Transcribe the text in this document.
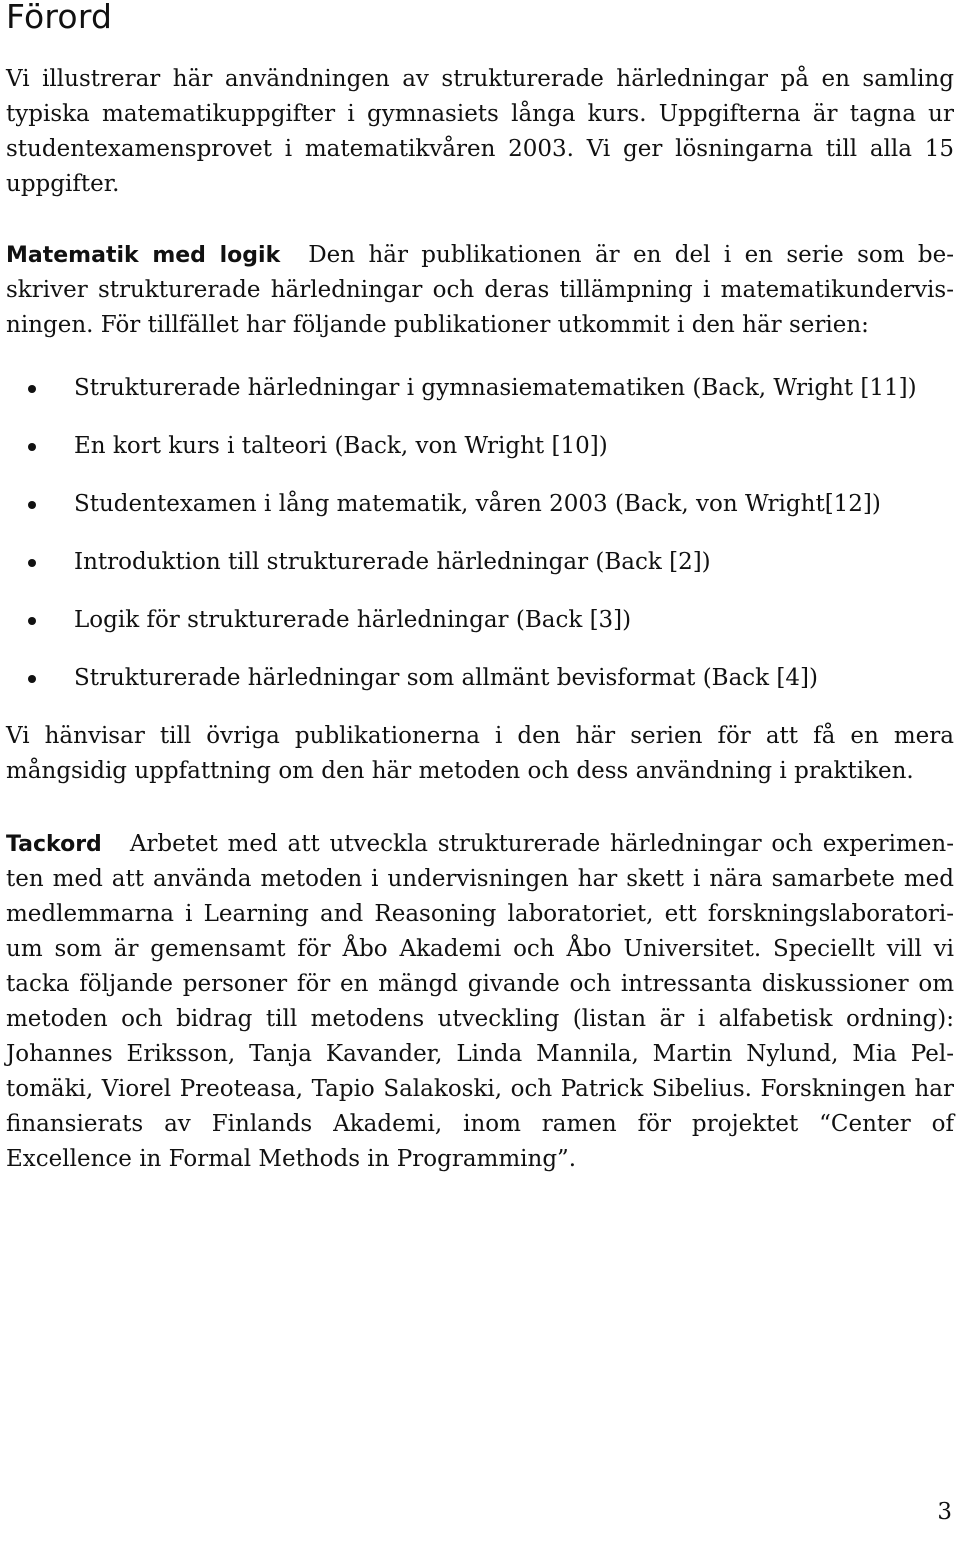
Förord

Vi illustrerar här användningen av strukturerade härledningar på en samling typiska matematikuppgifter i gymnasiets långa kurs. Uppgifterna är tagna ur studentexamensprovet i matematikvåren 2003. Vi ger lösningarna till alla 15 uppgifter.

Matematik med logik Den här publikationen är en del i en serie som beskriver strukturerade härledningar och deras tillämpning i matematikundervisningen. För tillfället har följande publikationer utkommit i den här serien:

Strukturerade härledningar i gymnasiematematiken (Back, Wright [11])
En kort kurs i talteori (Back, von Wright [10])
Studentexamen i lång matematik, våren 2003 (Back, von Wright[12])
Introduktion till strukturerade härledningar (Back [2])
Logik för strukturerade härledningar (Back [3])
Strukturerade härledningar som allmänt bevisformat (Back [4])

Vi hänvisar till övriga publikationerna i den här serien för att få en mera mångsidig uppfattning om den här metoden och dess användning i praktiken.

Tackord Arbetet med att utveckla strukturerade härledningar och experimenten med att använda metoden i undervisningen har skett i nära samarbete med medlemmarna i Learning and Reasoning laboratoriet, ett forskningslaboratorium som är gemensamt för Åbo Akademi och Åbo Universitet. Speciellt vill vi tacka följande personer för en mängd givande och intressanta diskussioner om metoden och bidrag till metodens utveckling (listan är i alfabetisk ordning): Johannes Eriksson, Tanja Kavander, Linda Mannila, Martin Nylund, Mia Peltomäki, Viorel Preoteasa, Tapio Salakoski, och Patrick Sibelius. Forskningen har finansierats av Finlands Akademi, inom ramen för projektet “Center of Excellence in Formal Methods in Programming”.

3
